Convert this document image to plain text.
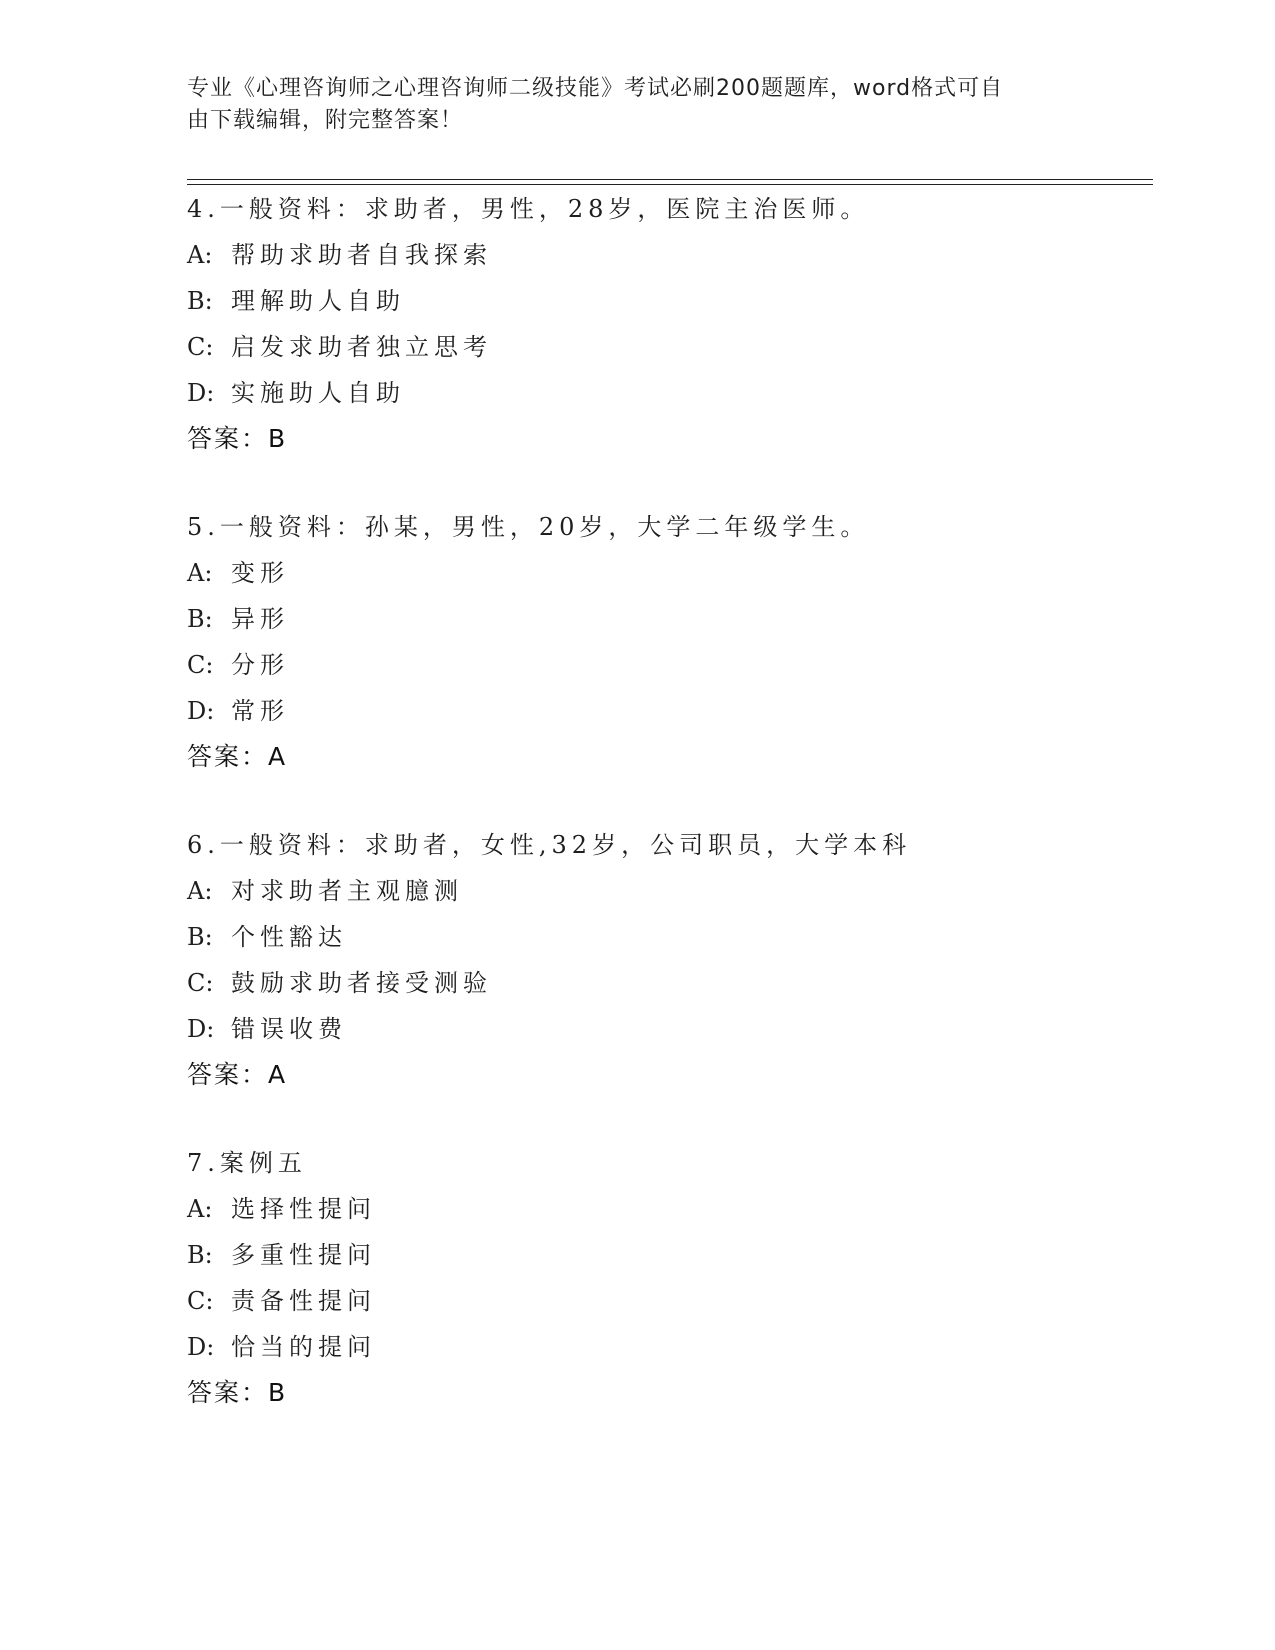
专业《心理咨询师之心理咨询师二级技能》考试必刷200题题库，word格式可自
由下载编辑，附完整答案！
4.一般资料：求助者，男性，28岁，医院主治医师。
A: 帮助求助者自我探索
B: 理解助人自助
C: 启发求助者独立思考
D: 实施助人自助
答案：B
5.一般资料：孙某，男性，20岁，大学二年级学生。
A: 变形
B: 异形
C: 分形
D: 常形
答案：A
6.一般资料：求助者，女性,32岁，公司职员，大学本科
A: 对求助者主观臆测
B: 个性豁达
C: 鼓励求助者接受测验
D: 错误收费
答案：A
7.案例五
A: 选择性提问
B: 多重性提问
C: 责备性提问
D: 恰当的提问
答案：B
